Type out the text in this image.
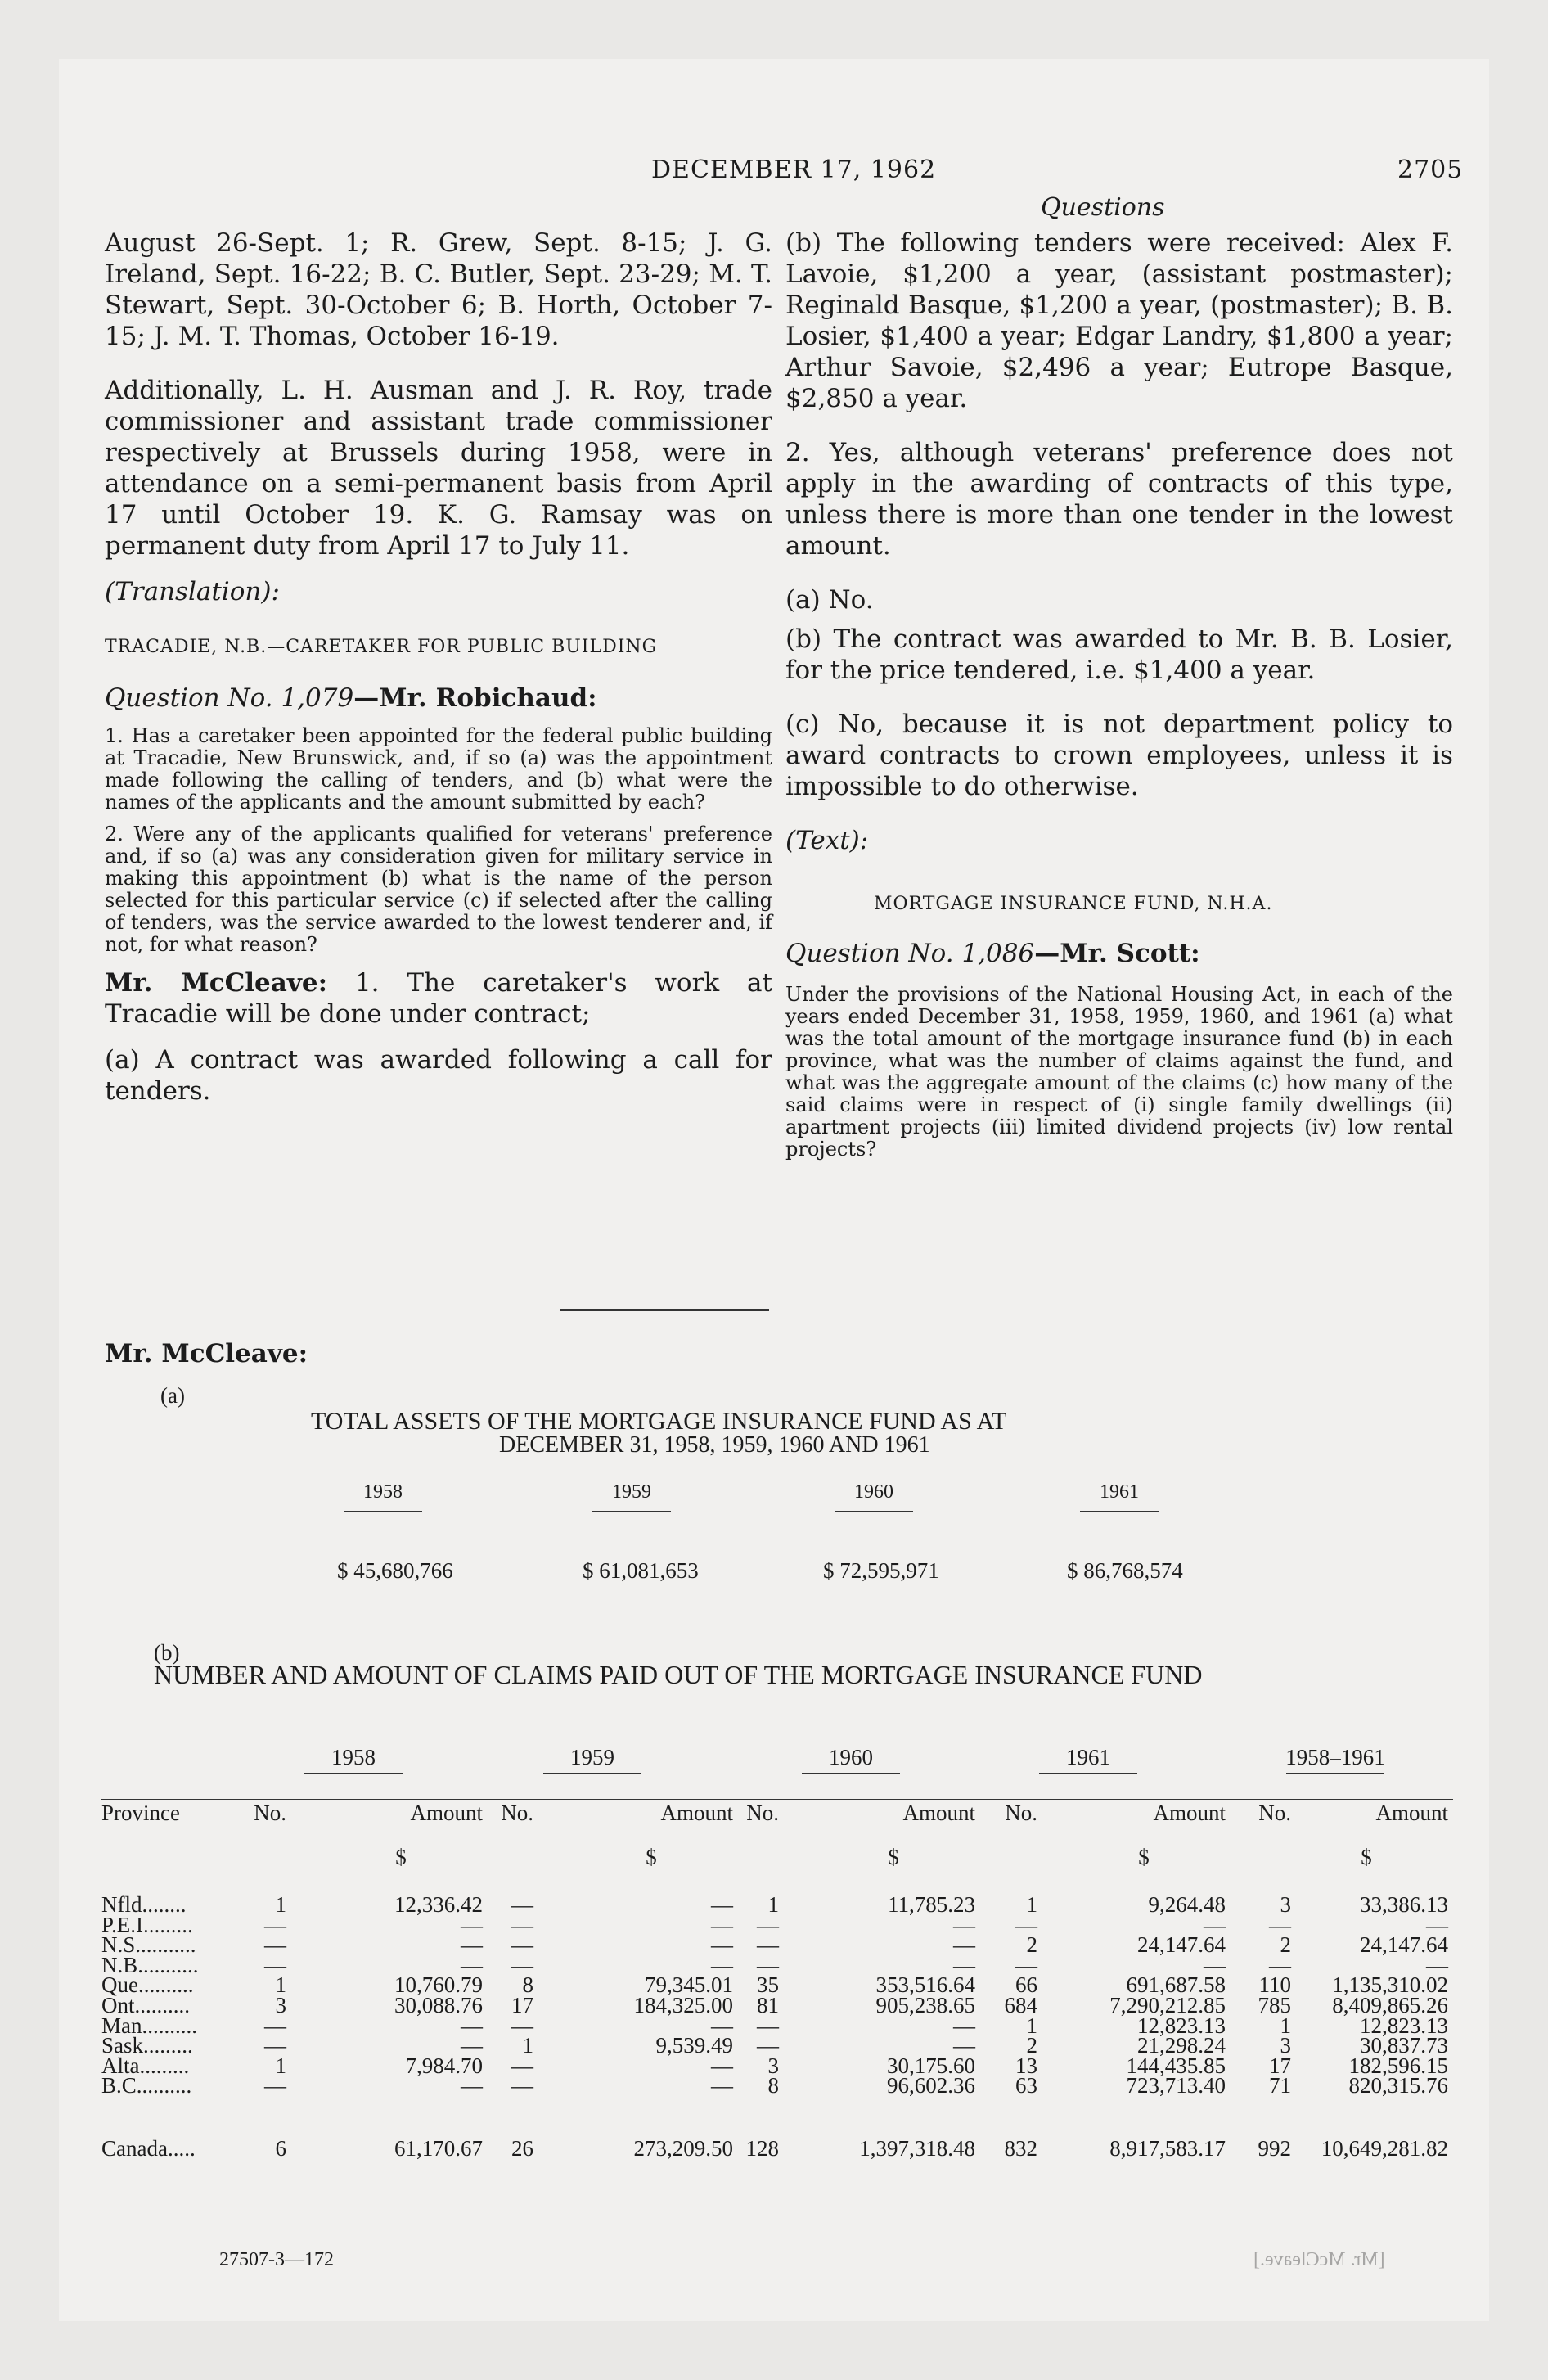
DECEMBER 17, 1962	2705
Questions

August 26-Sept. 1; R. Grew, Sept. 8-15; J. G. Ireland, Sept. 16-22; B. C. Butler, Sept. 23-29; M. T. Stewart, Sept. 30-October 6; B. Horth, October 7-15; J. M. T. Thomas, October 16-19.

Additionally, L. H. Ausman and J. R. Roy, trade commissioner and assistant trade commissioner respectively at Brussels during 1958, were in attendance on a semi-permanent basis from April 17 until October 19. K. G. Ramsay was on permanent duty from April 17 to July 11.

(Translation):

TRACADIE, N.B.—CARETAKER FOR PUBLIC BUILDING
Question No. 1,079—Mr. Robichaud:

1. Has a caretaker been appointed for the federal public building at Tracadie, New Brunswick, and, if so (a) was the appointment made following the calling of tenders, and (b) what were the names of the applicants and the amount submitted by each?

2. Were any of the applicants qualified for veterans' preference and, if so (a) was any consideration given for military service in making this appointment (b) what is the name of the person selected for this particular service (c) if selected after the calling of tenders, was the service awarded to the lowest tenderer and, if not, for what reason?

Mr. McCleave: 1. The caretaker's work at Tracadie will be done under contract;

(a) A contract was awarded following a call for tenders.

Mr. McCleave:

(b) The following tenders were received: Alex F. Lavoie, $1,200 a year, (assistant postmaster); Reginald Basque, $1,200 a year, (postmaster); B. B. Losier, $1,400 a year; Edgar Landry, $1,800 a year; Arthur Savoie, $2,496 a year; Eutrope Basque, $2,850 a year.

2. Yes, although veterans' preference does not apply in the awarding of contracts of this type, unless there is more than one tender in the lowest amount.

(a) No.

(b) The contract was awarded to Mr. B. B. Losier, for the price tendered, i.e. $1,400 a year.

(c) No, because it is not department policy to award contracts to crown employees, unless it is impossible to do otherwise.

(Text):

MORTGAGE INSURANCE FUND, N.H.A.
Question No. 1,086—Mr. Scott:

Under the provisions of the National Housing Act, in each of the years ended December 31, 1958, 1959, 1960, and 1961 (a) what was the total amount of the mortgage insurance fund (b) in each province, what was the number of claims against the fund, and what was the aggregate amount of the claims (c) how many of the said claims were in respect of (i) single family dwellings (ii) apartment projects (iii) limited dividend projects (iv) low rental projects?

(a)
TOTAL ASSETS OF THE MORTGAGE INSURANCE FUND AS AT
DECEMBER 31, 1958, 1959, 1960 AND 1961
1958	1959	1960	1961
$ 45,680,766	$ 61,081,653	$ 72,595,971	$ 86,768,574
(b)
NUMBER AND AMOUNT OF CLAIMS PAID OUT OF THE MORTGAGE INSURANCE FUND
1958	1959	1960	1961	1958–1961
Province	No.	Amount
$
No.	Amount
$
No.	Amount
$
No.	Amount
$
No.	Amount
$
Nfld........	1	12,336.42	—	—	1	11,785.23	1	9,264.48	3	33,386.13
P.E.I.........	—	—	—	—	—	—	—	—	—	—
N.S...........	—	—	—	—	—	—	2	24,147.64	2	24,147.64
N.B...........	—	—	—	—	—	—	—	—	—	—
Que..........	1	10,760.79	8	79,345.01	35	353,516.64	66	691,687.58	110	1,135,310.02
Ont..........	3	30,088.76	17	184,325.00	81	905,238.65	684	7,290,212.85	785	8,409,865.26
Man..........	—	—	—	—	—	—	1	12,823.13	1	12,823.13
Sask.........	—	—	1	9,539.49	—	—	2	21,298.24	3	30,837.73
Alta.........	1	7,984.70	—	—	3	30,175.60	13	144,435.85	17	182,596.15
B.C..........	—	—	—	—	8	96,602.36	63	723,713.40	71	820,315.76
Canada.....	6	61,170.67	26	273,209.50 128	1,397,318.48	832	8,917,583.17	992	10,649,281.82
27507-3—172	[Mr. McCleave.]
